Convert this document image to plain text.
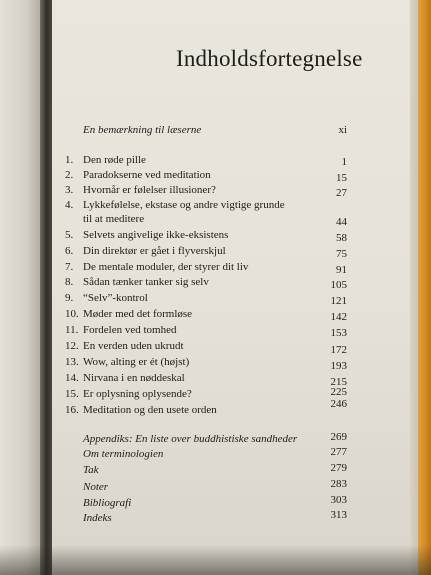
Indholdsfortegnelse
En bemærkning til læserne	xi
1. Den røde pille	1
2. Paradokserne ved meditation	15
3. Hvornår er følelser illusioner?	27
4. Lykkefølelse, ekstase og andre vigtige grunde
til at meditere	44
5. Selvets angivelige ikke-eksistens	58
6. Din direktør er gået i flyverskjul	75
7. De mentale moduler, der styrer dit liv	91
8. Sådan tænker tanker sig selv	105
9. “Selv”-kontrol	121
10. Møder med det formløse	142
11. Fordelen ved tomhed	153
12. En verden uden ukrudt	172
13. Wow, alting er ét (højst)	193
14. Nirvana i en nøddeskal	215
15. Er oplysning oplysende?	225
16. Meditation og den usete orden	246
Appendiks: En liste over buddhistiske sandheder	269
Om terminologien	277
Tak	279
Noter	283
Bibliografi	303
Indeks	313
